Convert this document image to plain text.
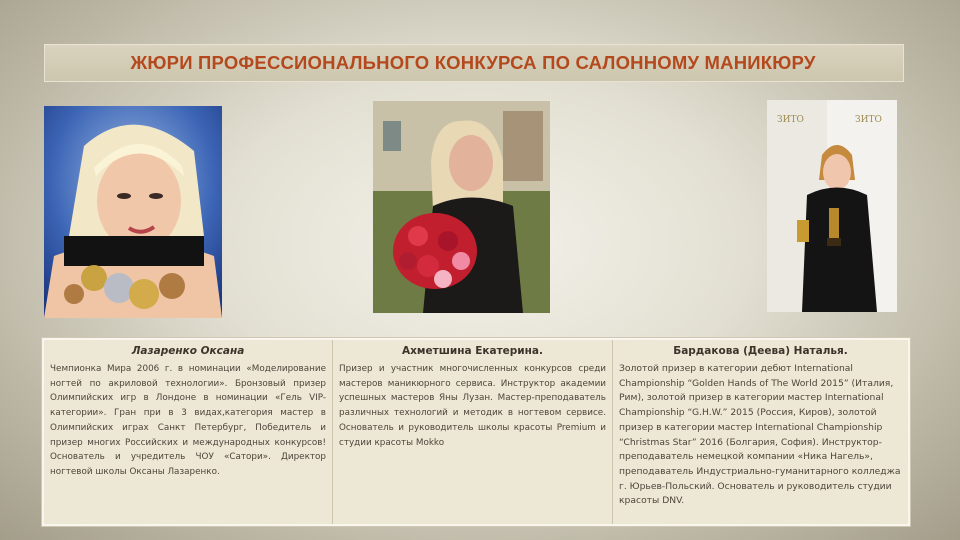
ЖЮРИ ПРОФЕССИОНАЛЬНОГО КОНКУРСА ПО САЛОННОМУ МАНИКЮРУ
ЗИТО	ЗИТО
Лазаренко Оксана
Чемпионка Мира 2006 г. в номинации «Моделирование ногтей по акриловой технологии». Бронзовый призер Олимпийских игр в Лондоне в номинации «Гель VIP-категории». Гран при в 3 видах,категория мастер в Олимпийских играх Санкт Петербург, Победитель и призер многих Российских и международных конкурсов! Основатель и учредитель ЧОУ «Сатори». Директор ногтевой школы Оксаны Лазаренко.
Ахметшина Екатерина.
Призер и участник многочисленных конкурсов среди мастеров маникюрного сервиса. Инструктор академии успешных мастеров Яны Лузан. Мастер-преподаватель различных технологий и методик в ногтевом сервисе. Основатель и руководитель школы красоты Premium и студии красоты Mokko
Бардакова (Деева) Наталья.
Золотой призер в категории дебют International Championship “Golden Hands of The World 2015” (Италия, Рим), золотой призер в категории мастер International Championship “G.H.W.” 2015 (Россия, Киров), золотой призер в категории мастер International Championship “Christmas Star” 2016 (Болгария, София). Инструктор-преподаватель немецкой компании «Ника Нагель», преподаватель Индустриально-гуманитарного колледжа г. Юрьев-Польский. Основатель и руководитель студии красоты DNV.
